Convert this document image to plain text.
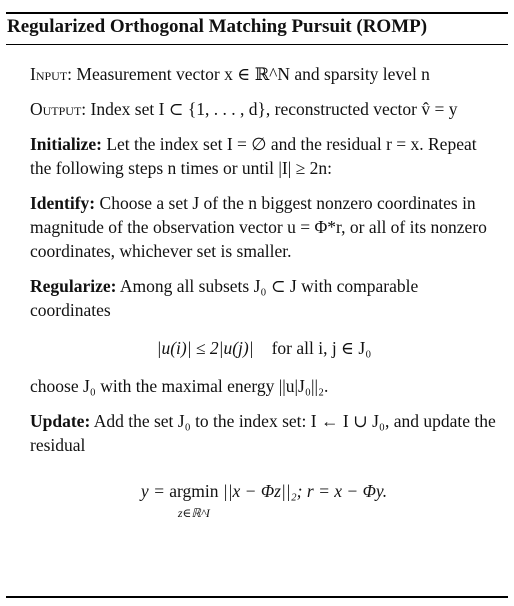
Regularized Orthogonal Matching Pursuit (ROMP)

Input: Measurement vector x ∈ ℝ^N and sparsity level n

Output: Index set I ⊂ {1, . . . , d}, reconstructed vector v̂ = y

Initialize: Let the index set I = ∅ and the residual r = x. Repeat the following steps n times or until |I| ≥ 2n:

Identify: Choose a set J of the n biggest nonzero coordinates in magnitude of the observation vector u = Φ*r, or all of its nonzero coordinates, whichever set is smaller.

Regularize: Among all subsets J₀ ⊂ J with comparable coordinates
|u(i)| ≤ 2|u(j)| for all i, j ∈ J₀
choose J₀ with the maximal energy ||u|J₀||₂.
Update: Add the set J₀ to the index set: I ← I ∪ J₀, and update the residual
y = argmin
z∈ℝ^I
||x − Φz||₂; r = x − Φy.
